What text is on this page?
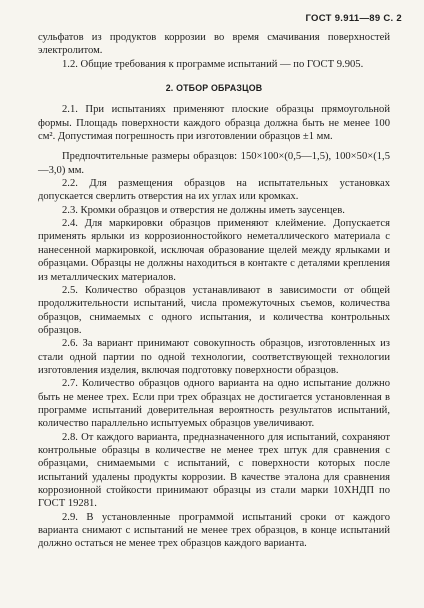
ГОСТ 9.911—89 С. 2

сульфатов из продуктов коррозии во время смачивания поверхностей электролитом.

1.2. Общие требования к программе испытаний — по ГОСТ 9.905.

2. ОТБОР ОБРАЗЦОВ

2.1. При испытаниях применяют плоские образцы прямоугольной формы. Площадь поверхности каждого образца должна быть не менее 100 см². Допустимая погрешность при изготовлении образцов ±1 мм.

Предпочтительные размеры образцов: 150×100×(0,5—1,5), 100×50×(1,5—3,0) мм.

2.2. Для размещения образцов на испытательных установках допускается сверлить отверстия на их углах или кромках.

2.3. Кромки образцов и отверстия не должны иметь заусенцев.

2.4. Для маркировки образцов применяют клеймение. Допускается применять ярлыки из коррозионностойкого неметаллического материала с нанесенной маркировкой, исключая образование щелей между ярлыками и образцами. Образцы не должны находиться в контакте с деталями крепления из металлических материалов.

2.5. Количество образцов устанавливают в зависимости от общей продолжительности испытаний, числа промежуточных съемов, количества образцов, снимаемых с одного испытания, и количества контрольных образцов.

2.6. За вариант принимают совокупность образцов, изготовленных из стали одной партии по одной технологии, соответствующей технологии изготовления изделия, включая подготовку поверхности образцов.

2.7. Количество образцов одного варианта на одно испытание должно быть не менее трех. Если при трех образцах не достигается установленная в программе испытаний доверительная вероятность результатов испытаний, количество параллельно испытуемых образцов увеличивают.

2.8. От каждого варианта, предназначенного для испытаний, сохраняют контрольные образцы в количестве не менее трех штук для сравнения с образцами, снимаемыми с испытаний, с поверхности которых после испытаний удалены продукты коррозии. В качестве эталона для сравнения коррозионной стойкости принимают образцы из стали марки 10ХНДП по ГОСТ 19281.

2.9. В установленные программой испытаний сроки от каждого варианта снимают с испытаний не менее трех образцов, в конце испытаний должно остаться не менее трех образцов каждого варианта.
